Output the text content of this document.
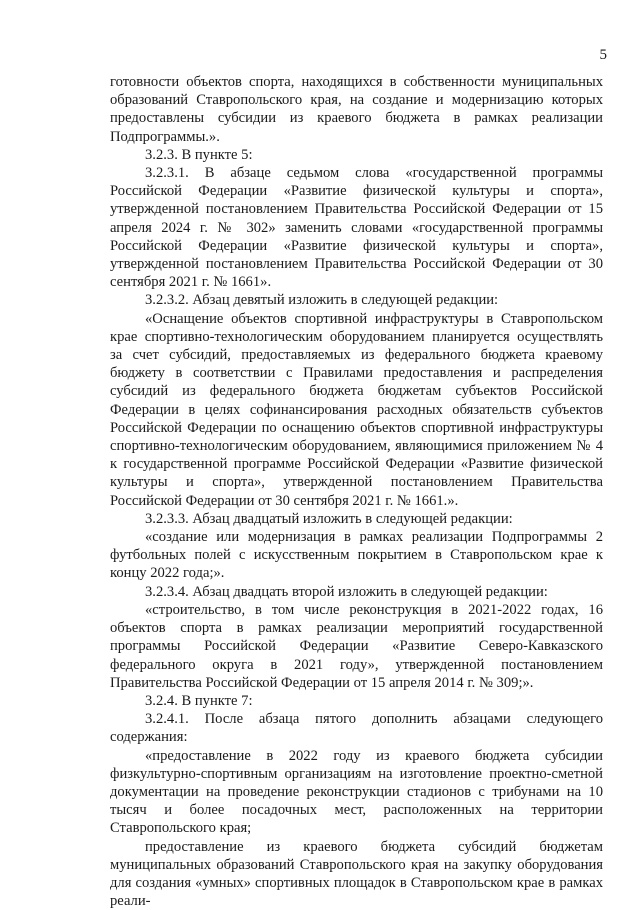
5

готовности объектов спорта, находящихся в собственности муниципальных образований Ставропольского края, на создание и модернизацию которых предоставлены субсидии из краевого бюджета в рамках реализации Подпрограммы.».

3.2.3. В пункте 5:

3.2.3.1. В абзаце седьмом слова «государственной программы Российской Федерации «Развитие физической культуры и спорта», утвержденной постановлением Правительства Российской Федерации от 15 апреля 2024 г. № 302» заменить словами «государственной программы Российской Федерации «Развитие физической культуры и спорта», утвержденной постановлением Правительства Российской Федерации от 30 сентября 2021 г. № 1661».

3.2.3.2. Абзац девятый изложить в следующей редакции:

«Оснащение объектов спортивной инфраструктуры в Ставропольском крае спортивно-технологическим оборудованием планируется осуществлять за счет субсидий, предоставляемых из федерального бюджета краевому бюджету в соответствии с Правилами предоставления и распределения субсидий из федерального бюджета бюджетам субъектов Российской Федерации в целях софинансирования расходных обязательств субъектов Российской Федерации по оснащению объектов спортивной инфраструктуры спортивно-технологическим оборудованием, являющимися приложением № 4 к государственной программе Российской Федерации «Развитие физической культуры и спорта», утвержденной постановлением Правительства Российской Федерации от 30 сентября 2021 г. № 1661.».

3.2.3.3. Абзац двадцатый изложить в следующей редакции:

«создание или модернизация в рамках реализации Подпрограммы 2 футбольных полей с искусственным покрытием в Ставропольском крае к концу 2022 года;».

3.2.3.4. Абзац двадцать второй изложить в следующей редакции:

«строительство, в том числе реконструкция в 2021-2022 годах, 16 объектов спорта в рамках реализации мероприятий государственной программы Российской Федерации «Развитие Северо-Кавказского федерального округа в 2021 году», утвержденной постановлением Правительства Российской Федерации от 15 апреля 2014 г. № 309;».

3.2.4. В пункте 7:

3.2.4.1. После абзаца пятого дополнить абзацами следующего содержания:

«предоставление в 2022 году из краевого бюджета субсидии физкультурно-спортивным организациям на изготовление проектно-сметной документации на проведение реконструкции стадионов с трибунами на 10 тысяч и более посадочных мест, расположенных на территории Ставропольского края;

предоставление из краевого бюджета субсидий бюджетам муниципальных образований Ставропольского края на закупку оборудования для создания «умных» спортивных площадок в Ставропольском крае в рамках реали-
